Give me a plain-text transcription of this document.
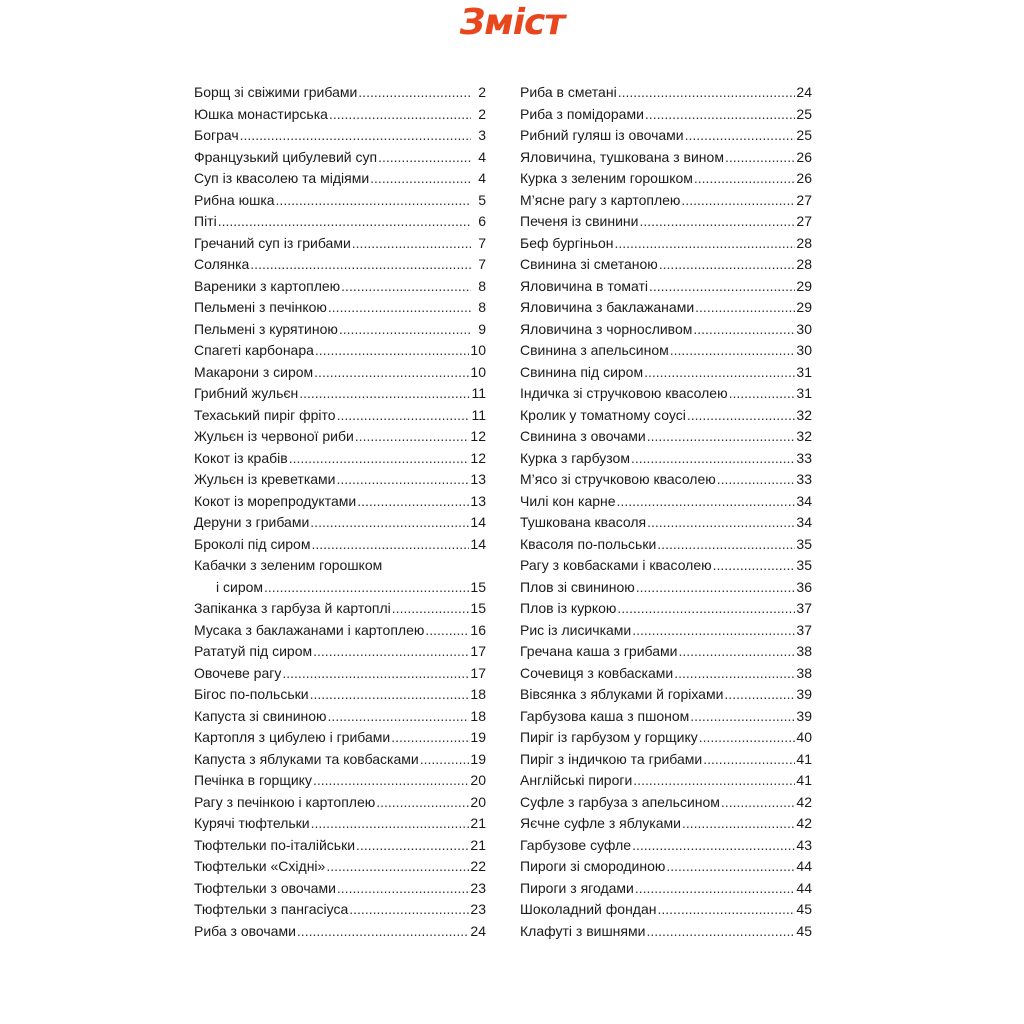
Зміст
Борщ зі свіжими грибами .....	2
Юшка монастирська .....	2
Бограч .....	3
Французький цибулевий суп .....	4
Суп із квасолею та мідіями .....	4
Рибна юшка .....	5
Піті .....	6
Гречаний суп із грибами .....	7
Солянка .....	7
Вареники з картоплею .....	8
Пельмені з печінкою .....	8
Пельмені з курятиною .....	9
Спагеті карбонара .....	10
Макарони з сиром .....	10
Грибний жульєн .....	11
Техаський пиріг фріто .....	11
Жульєн із червоної риби .....	12
Кокот із крабів .....	12
Жульєн із креветками .....	13
Кокот із морепродуктами .....	13
Деруни з грибами .....	14
Броколі під сиром .....	14
Кабачки з зеленим горошком
і сиром .....	15
Запіканка з гарбуза й картоплі .....	15
Мусака з баклажанами і картоплею .....	16
Рататуй під сиром .....	17
Овочеве рагу .....	17
Бігос по-польськи .....	18
Капуста зі свининою .....	18
Картопля з цибулею і грибами .....	19
Капуста з яблуками та ковбасками .....	19
Печінка в горщику .....	20
Рагу з печінкою і картоплею .....	20
Курячі тюфтельки .....	21
Тюфтельки по-італійськи .....	21
Тюфтельки «Східні» .....	22
Тюфтельки з овочами .....	23
Тюфтельки з пангасіуса .....	23
Риба з овочами .....	24
Риба в сметані .....	24
Риба з помідорами .....	25
Рибний гуляш із овочами .....	25
Яловичина, тушкована з вином .....	26
Курка з зеленим горошком .....	26
М’ясне рагу з картоплею .....	27
Печеня із свинини .....	27
Беф бургіньон .....	28
Свинина зі сметаною .....	28
Яловичина в томаті .....	29
Яловичина з баклажанами .....	29
Яловичина з чорносливом .....	30
Свинина з апельсином .....	30
Свинина під сиром .....	31
Індичка зі стручковою квасолею .....	31
Кролик у томатному соусі .....	32
Свинина з овочами .....	32
Курка з гарбузом .....	33
М’ясо зі стручковою квасолею .....	33
Чилі кон карне .....	34
Тушкована квасоля .....	34
Квасоля по-польськи .....	35
Рагу з ковбасками і квасолею .....	35
Плов зі свининою .....	36
Плов із куркою .....	37
Рис із лисичками .....	37
Гречана каша з грибами .....	38
Сочевиця з ковбасками .....	38
Вівсянка з яблуками й горіхами .....	39
Гарбузова каша з пшоном .....	39
Пиріг із гарбузом у горщику .....	40
Пиріг з індичкою та грибами .....	41
Англійські пироги .....	41
Суфле з гарбуза з апельсином .....	42
Яєчне суфле з яблуками .....	42
Гарбузове суфле .....	43
Пироги зі смородиною .....	44
Пироги з ягодами .....	44
Шоколадний фондан .....	45
Клафуті з вишнями .....	45
